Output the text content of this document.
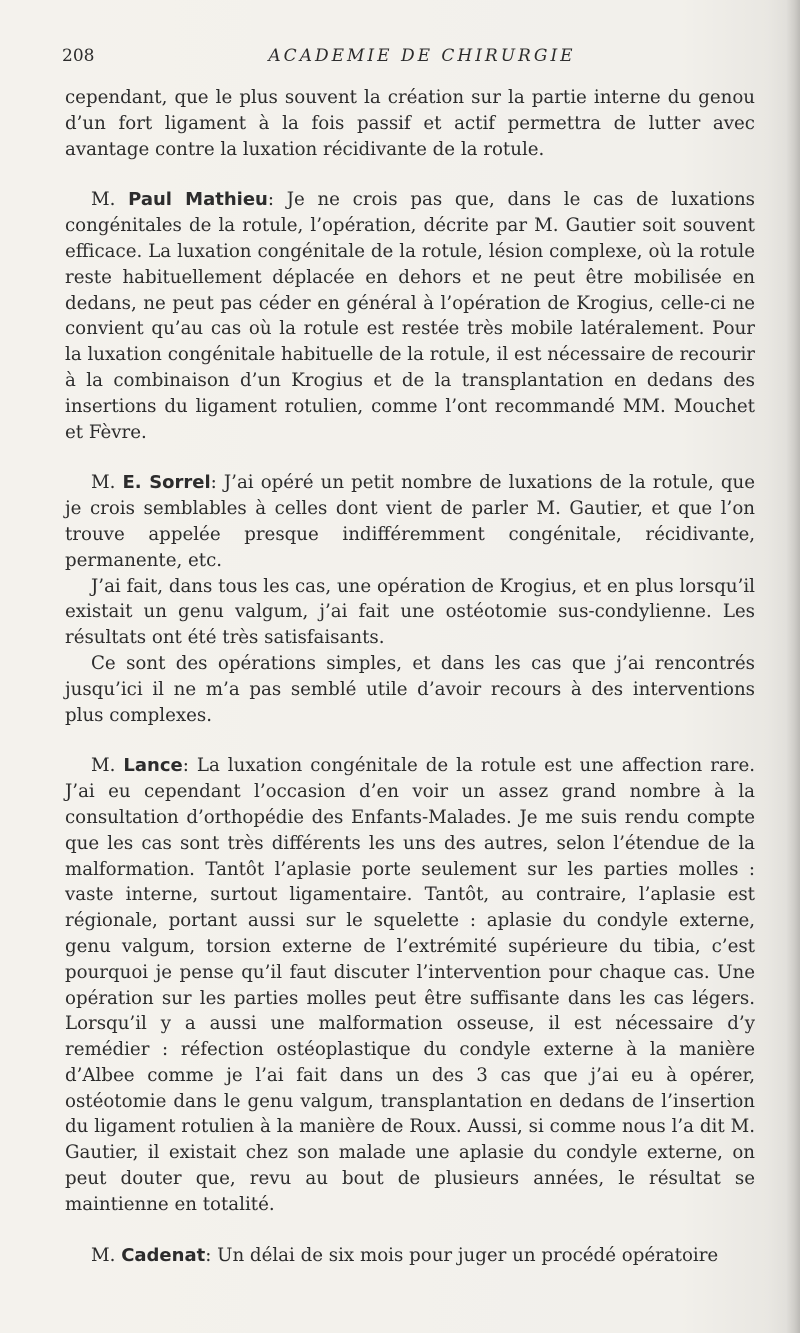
208	ACADEMIE DE CHIRURGIE

cependant, que le plus souvent la création sur la partie interne du genou d’un fort ligament à la fois passif et actif permettra de lutter avec avantage contre la luxation récidivante de la rotule.

M. Paul Mathieu: Je ne crois pas que, dans le cas de luxations congénitales de la rotule, l’opération, décrite par M. Gautier soit souvent efficace. La luxation congénitale de la rotule, lésion complexe, où la rotule reste habituellement déplacée en dehors et ne peut être mobilisée en dedans, ne peut pas céder en général à l’opération de Krogius, celle-ci ne convient qu’au cas où la rotule est restée très mobile latéralement. Pour la luxation congénitale habituelle de la rotule, il est nécessaire de recourir à la combinaison d’un Krogius et de la transplantation en dedans des insertions du ligament rotulien, comme l’ont recommandé MM. Mouchet et Fèvre.

M. E. Sorrel: J’ai opéré un petit nombre de luxations de la rotule, que je crois semblables à celles dont vient de parler M. Gautier, et que l’on trouve appelée presque indifféremment congénitale, récidivante, permanente, etc.

J’ai fait, dans tous les cas, une opération de Krogius, et en plus lorsqu’il existait un genu valgum, j’ai fait une ostéotomie sus-condylienne. Les résultats ont été très satisfaisants.

Ce sont des opérations simples, et dans les cas que j’ai rencontrés jusqu’ici il ne m’a pas semblé utile d’avoir recours à des interventions plus complexes.

M. Lance: La luxation congénitale de la rotule est une affection rare. J’ai eu cependant l’occasion d’en voir un assez grand nombre à la consultation d’orthopédie des Enfants-Malades. Je me suis rendu compte que les cas sont très différents les uns des autres, selon l’étendue de la malformation. Tantôt l’aplasie porte seulement sur les parties molles : vaste interne, surtout ligamentaire. Tantôt, au contraire, l’aplasie est régionale, portant aussi sur le squelette : aplasie du condyle externe, genu valgum, torsion externe de l’extrémité supérieure du tibia, c’est pourquoi je pense qu’il faut discuter l’intervention pour chaque cas. Une opération sur les parties molles peut être suffisante dans les cas légers. Lorsqu’il y a aussi une malformation osseuse, il est nécessaire d’y remédier : réfection ostéoplastique du condyle externe à la manière d’Albee comme je l’ai fait dans un des 3 cas que j’ai eu à opérer, ostéotomie dans le genu valgum, transplantation en dedans de l’insertion du ligament rotulien à la manière de Roux. Aussi, si comme nous l’a dit M. Gautier, il existait chez son malade une aplasie du condyle externe, on peut douter que, revu au bout de plusieurs années, le résultat se maintienne en totalité.

M. Cadenat: Un délai de six mois pour juger un procédé opératoire
